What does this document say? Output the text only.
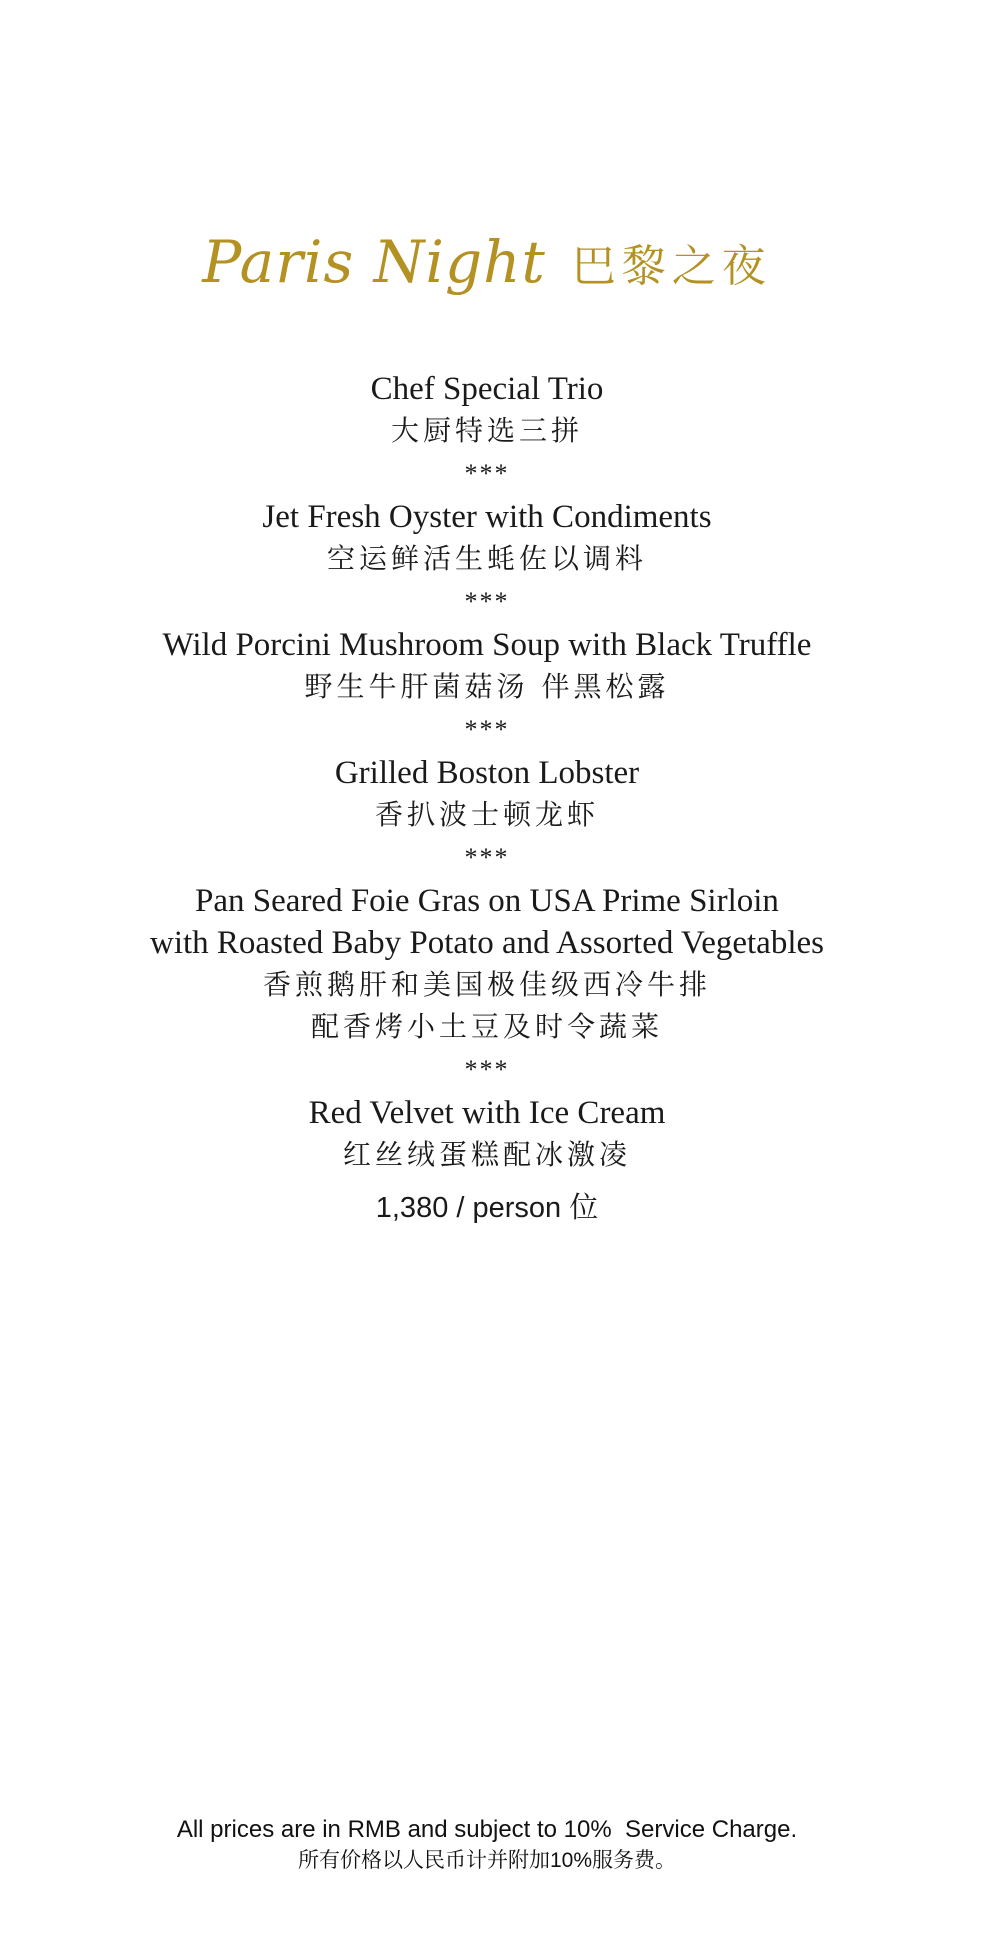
Paris Night 巴黎之夜
Chef Special Trio
大厨特选三拼
***
Jet Fresh Oyster with Condiments
空运鲜活生蚝佐以调料
***
Wild Porcini Mushroom Soup with Black Truffle
野生牛肝菌菇汤 伴黑松露
***
Grilled Boston Lobster
香扒波士顿龙虾
***
Pan Seared Foie Gras on USA Prime Sirloin
with Roasted Baby Potato and Assorted Vegetables
香煎鹅肝和美国极佳级西冷牛排
配香烤小土豆及时令蔬菜
***
Red Velvet with Ice Cream
红丝绒蛋糕配冰激凌
1,380 / person 位
All prices are in RMB and subject to 10%  Service Charge.
所有价格以人民币计并附加10%服务费。
